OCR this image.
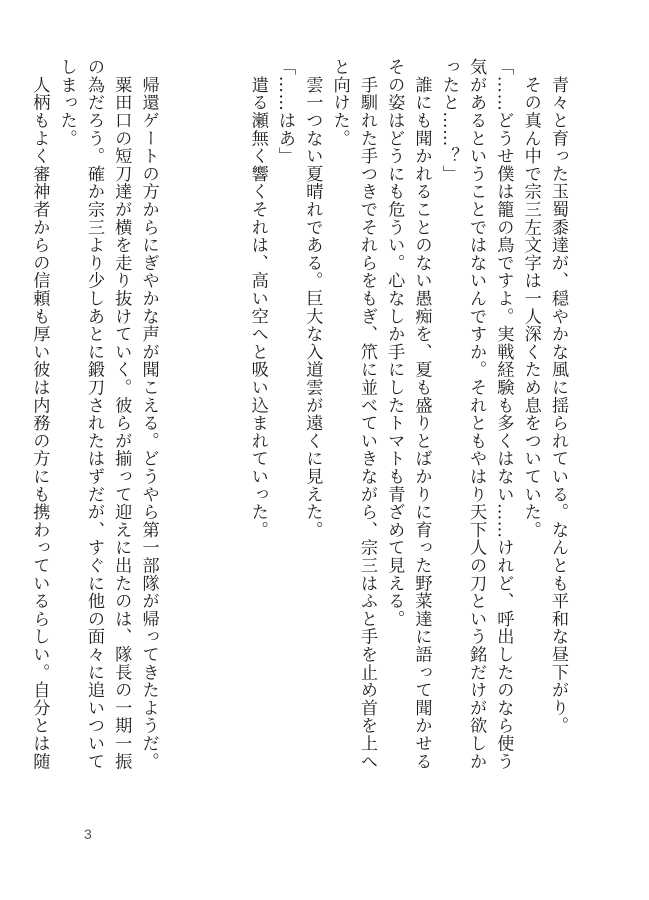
　青々と育った玉蜀黍達が、穏やかな風に揺られている。なんとも平和な昼下がり。
　その真ん中で宗三左文字は一人深くため息をついていた。
「……どうせ僕は籠の鳥ですよ。実戦経験も多くはない……けれど、呼出したのなら使う
気があるということではないんですか。それともやはり天下人の刀という銘だけが欲しか
ったと……？」
　誰にも聞かれることのない愚痴を、夏も盛りとばかりに育った野菜達に語って聞かせる
その姿はどうにも危うい。心なしか手にしたトマトも青ざめて見える。
　手馴れた手つきでそれらをもぎ、笊に並べていきながら、宗三はふと手を止め首を上へ
と向けた。
　雲一つない夏晴れである。巨大な入道雲が遠くに見えた。
「……はあ」
　遣る瀬無く響くそれは、高い空へと吸い込まれていった。
　帰還ゲートの方からにぎやかな声が聞こえる。どうやら第一部隊が帰ってきたようだ。
　粟田口の短刀達が横を走り抜けていく。彼らが揃って迎えに出たのは、隊長の一期一振
の為だろう。確か宗三より少しあとに鍛刀されたはずだが、すぐに他の面々に追いついて
しまった。
　人柄もよく審神者からの信頼も厚い彼は内務の方にも携わっているらしい。自分とは随
3
